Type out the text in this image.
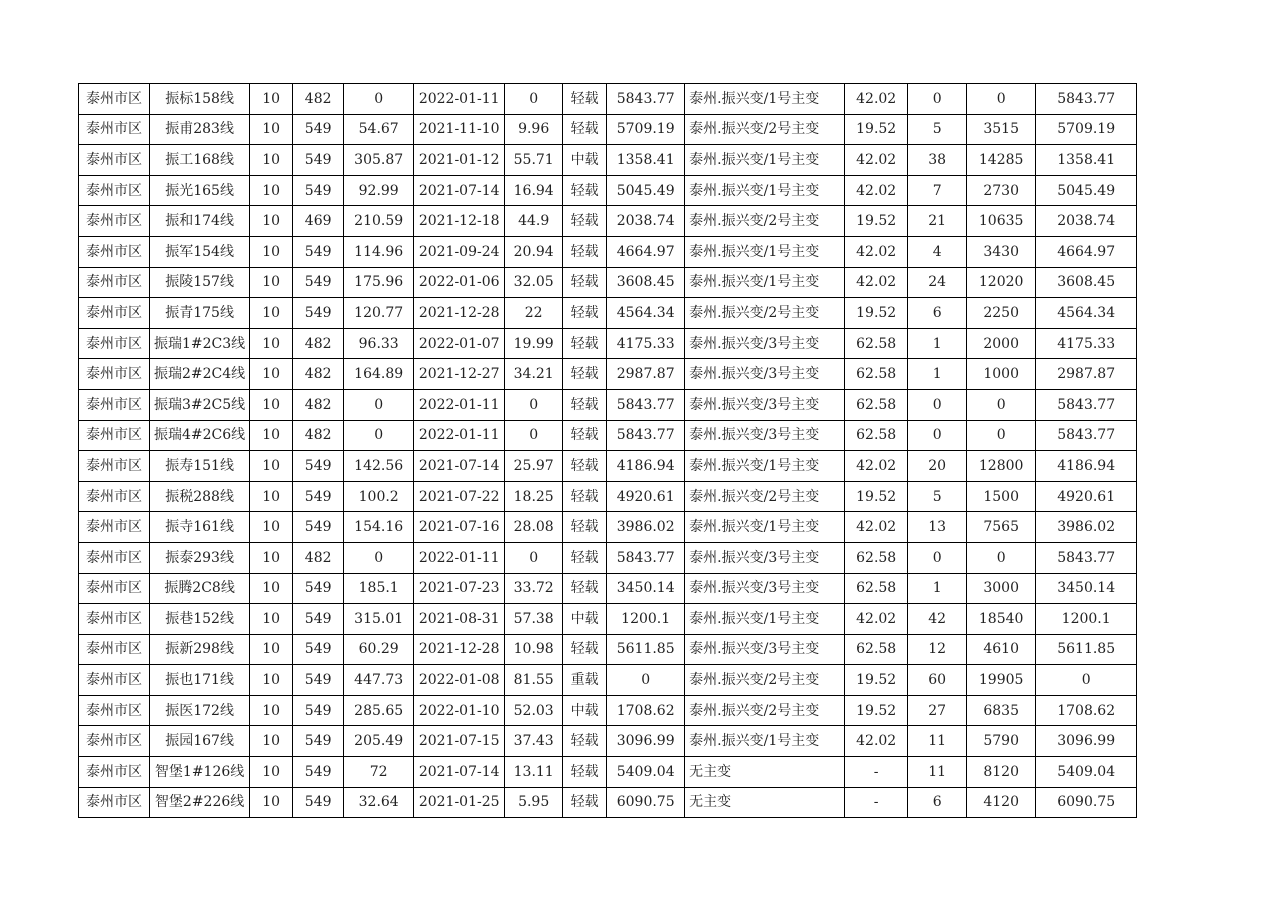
泰州市区	振标158线	10	482	0	2022-01-11	0	轻载	5843.77	泰州.振兴变/1号主变	42.02	0	0	5843.77
泰州市区	振甫283线	10	549	54.67	2021-11-10	9.96	轻载	5709.19	泰州.振兴变/2号主变	19.52	5	3515	5709.19
泰州市区	振工168线	10	549	305.87	2021-01-12	55.71	中载	1358.41	泰州.振兴变/1号主变	42.02	38	14285	1358.41
泰州市区	振光165线	10	549	92.99	2021-07-14	16.94	轻载	5045.49	泰州.振兴变/1号主变	42.02	7	2730	5045.49
泰州市区	振和174线	10	469	210.59	2021-12-18	44.9	轻载	2038.74	泰州.振兴变/2号主变	19.52	21	10635	2038.74
泰州市区	振军154线	10	549	114.96	2021-09-24	20.94	轻载	4664.97	泰州.振兴变/1号主变	42.02	4	3430	4664.97
泰州市区	振陵157线	10	549	175.96	2022-01-06	32.05	轻载	3608.45	泰州.振兴变/1号主变	42.02	24	12020	3608.45
泰州市区	振青175线	10	549	120.77	2021-12-28	22	轻载	4564.34	泰州.振兴变/2号主变	19.52	6	2250	4564.34
泰州市区	振瑞1#2C3线	10	482	96.33	2022-01-07	19.99	轻载	4175.33	泰州.振兴变/3号主变	62.58	1	2000	4175.33
泰州市区	振瑞2#2C4线	10	482	164.89	2021-12-27	34.21	轻载	2987.87	泰州.振兴变/3号主变	62.58	1	1000	2987.87
泰州市区	振瑞3#2C5线	10	482	0	2022-01-11	0	轻载	5843.77	泰州.振兴变/3号主变	62.58	0	0	5843.77
泰州市区	振瑞4#2C6线	10	482	0	2022-01-11	0	轻载	5843.77	泰州.振兴变/3号主变	62.58	0	0	5843.77
泰州市区	振寿151线	10	549	142.56	2021-07-14	25.97	轻载	4186.94	泰州.振兴变/1号主变	42.02	20	12800	4186.94
泰州市区	振税288线	10	549	100.2	2021-07-22	18.25	轻载	4920.61	泰州.振兴变/2号主变	19.52	5	1500	4920.61
泰州市区	振寺161线	10	549	154.16	2021-07-16	28.08	轻载	3986.02	泰州.振兴变/1号主变	42.02	13	7565	3986.02
泰州市区	振泰293线	10	482	0	2022-01-11	0	轻载	5843.77	泰州.振兴变/3号主变	62.58	0	0	5843.77
泰州市区	振腾2C8线	10	549	185.1	2021-07-23	33.72	轻载	3450.14	泰州.振兴变/3号主变	62.58	1	3000	3450.14
泰州市区	振巷152线	10	549	315.01	2021-08-31	57.38	中载	1200.1	泰州.振兴变/1号主变	42.02	42	18540	1200.1
泰州市区	振新298线	10	549	60.29	2021-12-28	10.98	轻载	5611.85	泰州.振兴变/3号主变	62.58	12	4610	5611.85
泰州市区	振也171线	10	549	447.73	2022-01-08	81.55	重载	0	泰州.振兴变/2号主变	19.52	60	19905	0
泰州市区	振医172线	10	549	285.65	2022-01-10	52.03	中载	1708.62	泰州.振兴变/2号主变	19.52	27	6835	1708.62
泰州市区	振园167线	10	549	205.49	2021-07-15	37.43	轻载	3096.99	泰州.振兴变/1号主变	42.02	11	5790	3096.99
泰州市区	智堡1#126线	10	549	72	2021-07-14	13.11	轻载	5409.04	无主变	-	11	8120	5409.04
泰州市区	智堡2#226线	10	549	32.64	2021-01-25	5.95	轻载	6090.75	无主变	-	6	4120	6090.75
